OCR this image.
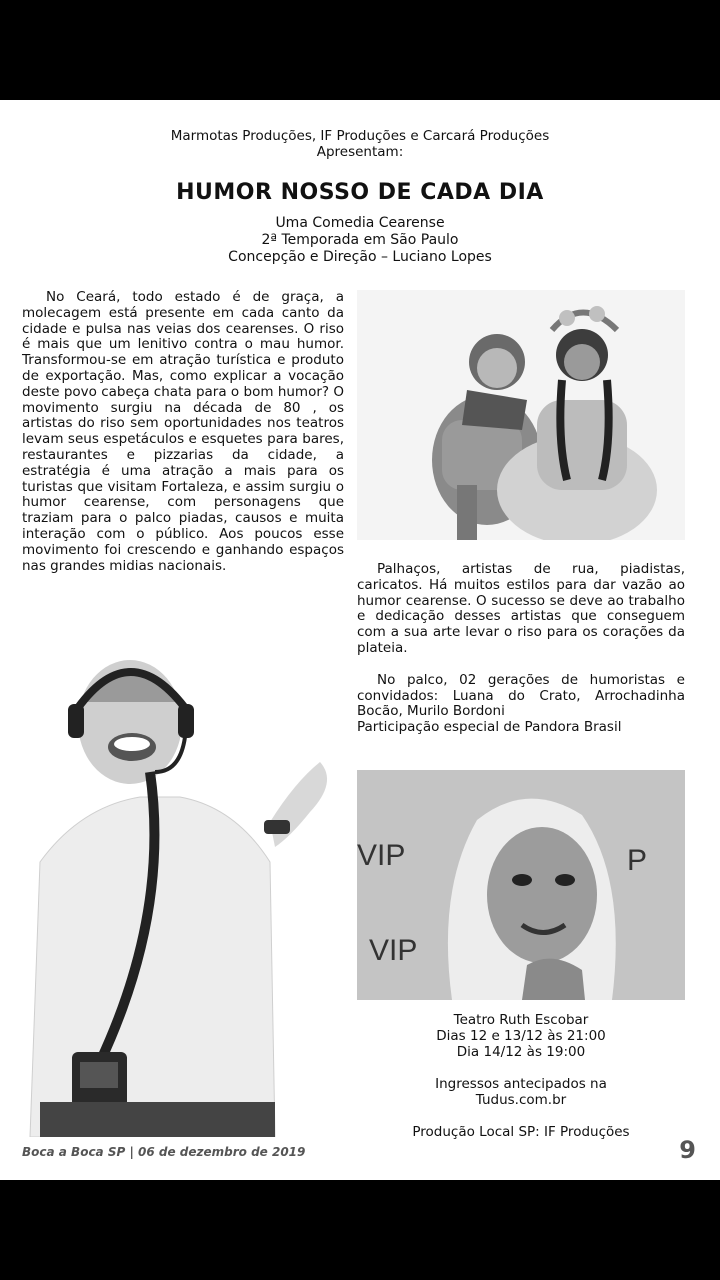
Marmotas Produções, IF Produções e Carcará Produções
Apresentam:
HUMOR NOSSO DE CADA DIA
Uma Comedia Cearense
2ª Temporada em São Paulo
Concepção e Direção – Luciano Lopes

No Ceará, todo estado é de graça, a molecagem está presente em cada canto da cidade e pulsa nas veias dos cearenses. O riso é mais que um lenitivo contra o mau humor. Transformou-se em atração turística e produto de exportação. Mas, como explicar a vocação deste povo cabeça chata para o bom humor? O movimento surgiu na década de 80 , os artistas do riso sem oportunidades nos teatros levam seus espetáculos e esquetes para bares, restaurantes e pizzarias da cidade, a estratégia é uma atração a mais para os turistas que visitam Fortaleza, e assim surgiu o humor cearense, com personagens que traziam para o palco piadas, causos e muita interação com o público. Aos poucos esse movimento foi crescendo e ganhando espaços nas grandes midias nacionais.	Palhaços, artistas de rua, piadistas, caricatos. Há muitos estilos para dar vazão ao humor cearense. O sucesso se deve ao trabalho e dedicação desses artistas que conseguem com a sua arte levar o riso para os corações da plateia.

No palco, 02 gerações de humoristas e convidados: Luana do Crato, Arrochadinha Bocão, Murilo Bordoni

Participação especial de Pandora Brasil

VIP	P
VIP
Teatro Ruth Escobar
Dias 12 e 13/12 às 21:00
Dia 14/12 às 19:00
Ingressos antecipados na
Tudus.com.br
Produção Local SP: IF Produções
Boca a Boca SP | 06 de dezembro de 2019	9
